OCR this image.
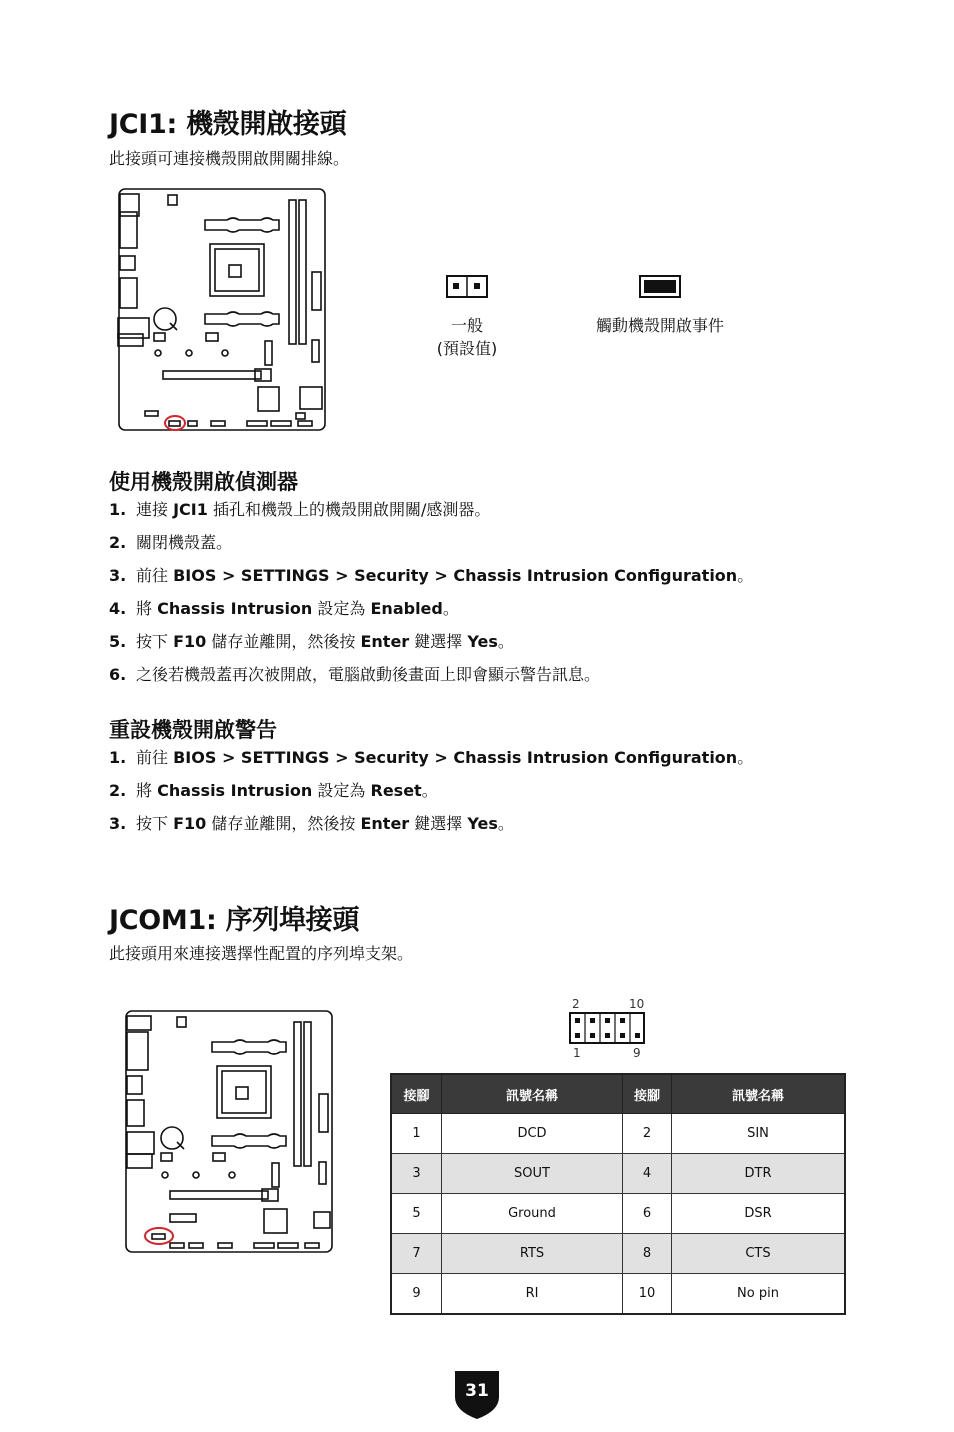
JCI1: 機殼開啟接頭

此接頭可連接機殼開啟開關排線。

一般
(預設值)
觸動機殼開啟事件
使用機殼開啟偵測器
1. 連接 JCI1 插孔和機殼上的機殼開啟開關/感測器。
2. 關閉機殼蓋。
3. 前往 BIOS > SETTINGS > Security > Chassis Intrusion Configuration。
4. 將 Chassis Intrusion 設定為 Enabled。
5. 按下 F10 儲存並離開，然後按 Enter 鍵選擇 Yes。
6. 之後若機殼蓋再次被開啟，電腦啟動後畫面上即會顯示警告訊息。
重設機殼開啟警告
1. 前往 BIOS > SETTINGS > Security > Chassis Intrusion Configuration。
2. 將 Chassis Intrusion 設定為 Reset。
3. 按下 F10 儲存並離開，然後按 Enter 鍵選擇 Yes。
JCOM1: 序列埠接頭

此接頭用來連接選擇性配置的序列埠支架。

2	10
1	9
接腳	訊號名稱	接腳	訊號名稱
1	DCD	2	SIN
3	SOUT	4	DTR
5	Ground	6	DSR
7	RTS	8	CTS
9	RI	10	No pin
31
